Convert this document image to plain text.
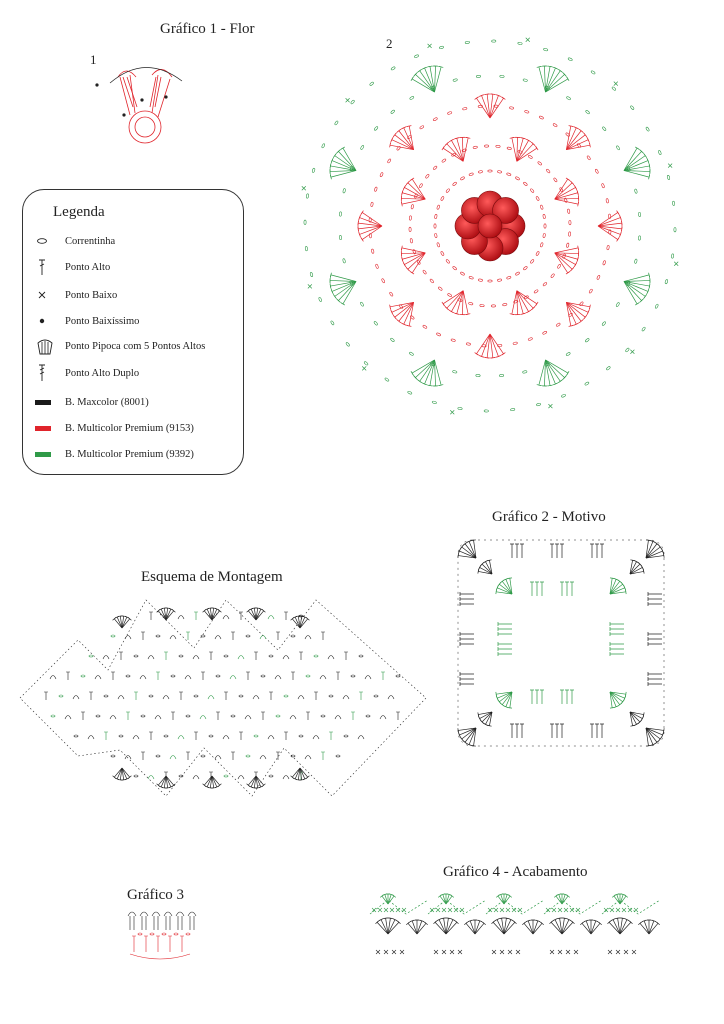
Gráfico 1 - Flor
1
2
Gráfico 2 - Motivo
Esquema de Montagem
Gráfico 3
Gráfico 4 - Acabamento
Legenda
Correntinha
Ponto Alto
Ponto Baixo
Ponto Baixíssimo
Ponto Pipoca com 5 Pontos Altos
Ponto Alto Duplo
B. Maxcolor (8001)
B. Multicolor Premium (9153)
B. Multicolor Premium (9392)
